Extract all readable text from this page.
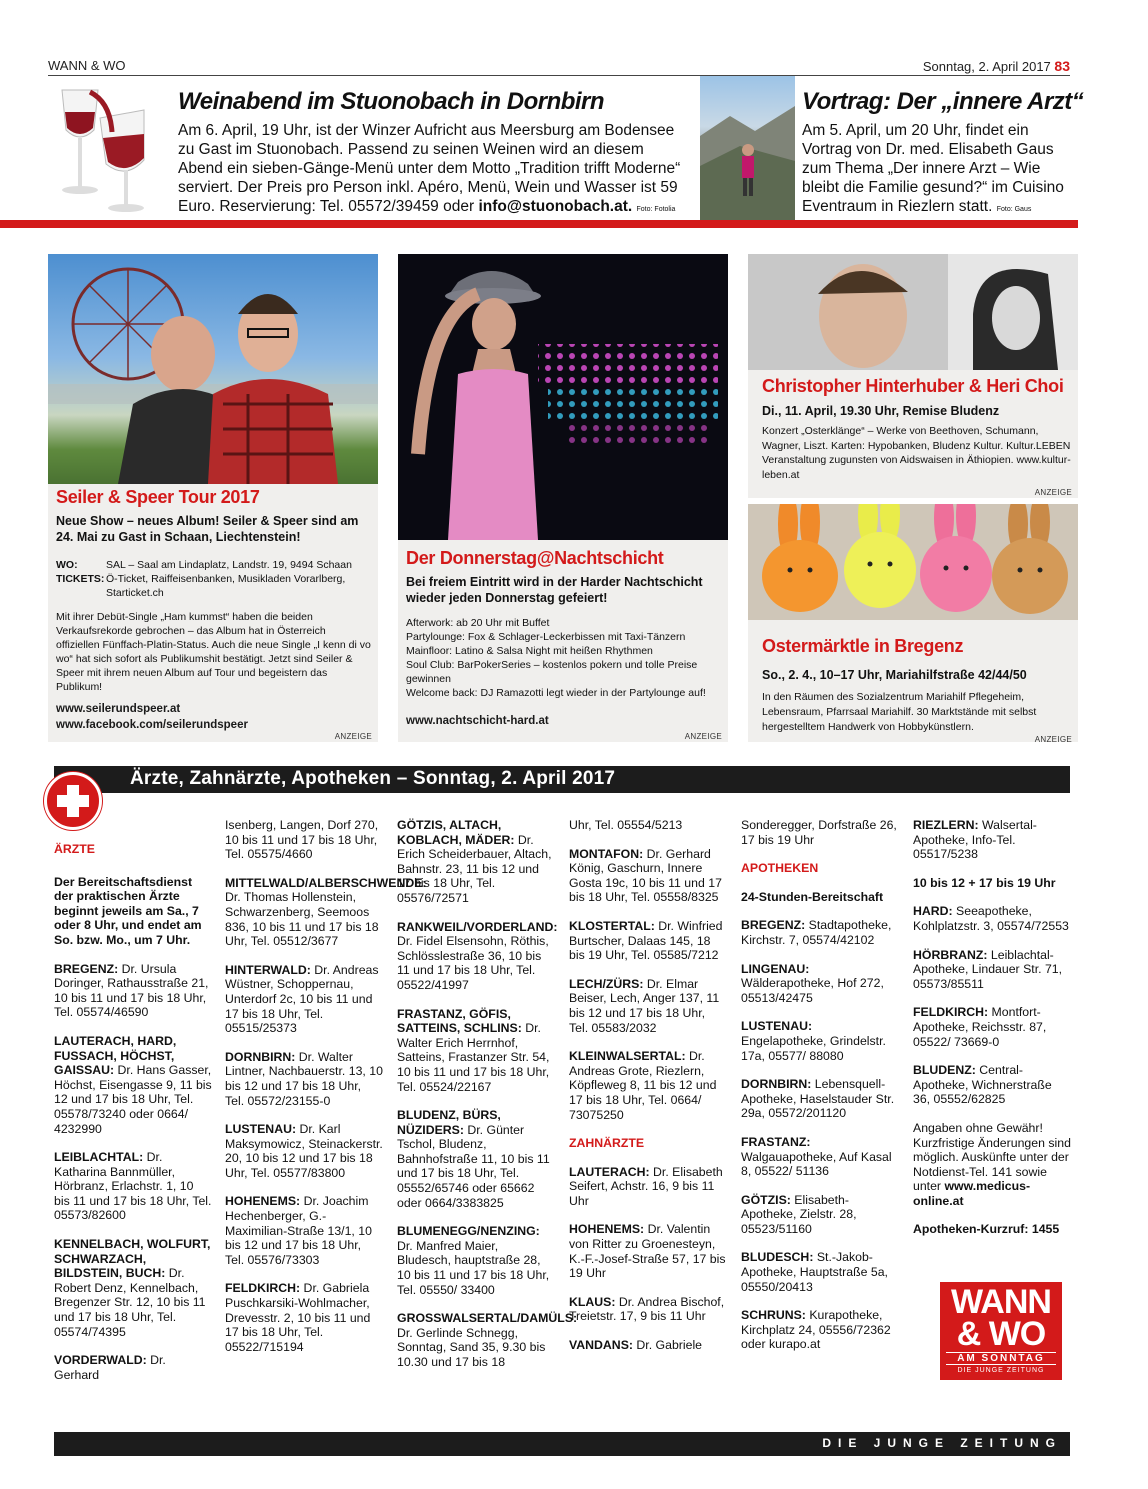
WANN & WO	Sonntag, 2. April 2017 83
Weinabend im Stuonobach in Dornbirn
Am 6. April, 19 Uhr, ist der Winzer Aufricht aus Meersburg am Bodensee zu Gast im Stuonobach. Passend zu seinen Weinen wird an diesem Abend ein sieben-Gänge-Menü unter dem Motto „Tradition trifft Moderne“ serviert. Der Preis pro Person inkl. Apéro, Menü, Wein und Wasser ist 59 Euro. Reservierung: Tel. 05572/39459 oder info@stuonobach.at. Foto: Fotolia
Vortrag: Der „innere Arzt“
Am 5. April, um 20 Uhr, findet ein Vortrag von Dr. med. Elisabeth Gaus zum Thema „Der innere Arzt – Wie bleibt die Familie gesund?“ im Cuisino Eventraum in Riezlern statt. Foto: Gaus
Seiler & Speer Tour 2017
Neue Show – neues Album! Seiler & Speer sind am 24. Mai zu Gast in Schaan, Liechtenstein!
WO:	SAL – Saal am Lindaplatz, Landstr. 19, 9494 Schaan
TICKETS: Ö-Ticket, Raiffeisenbanken, Musikladen Vorarlberg, Starticket.ch
Mit ihrer Debüt-Single „Ham kummst“ haben die beiden Verkaufsrekorde gebrochen – das Album hat in Österreich offiziellen Fünffach-Platin-Status. Auch die neue Single „I kenn di vo wo“ hat sich sofort als Publikumshit bestätigt. Jetzt sind Seiler & Speer mit ihrem neuen Album auf Tour und begeistern das Publikum!
www.seilerundspeer.at
www.facebook.com/seilerundspeer
ANZEIGE
Der Donnerstag@Nachtschicht
Bei freiem Eintritt wird in der Harder Nachtschicht wieder jeden Donnerstag gefeiert!
Afterwork: ab 20 Uhr mit Buffet
Partylounge: Fox & Schlager-Leckerbissen mit Taxi-Tänzern
Mainfloor: Latino & Salsa Night mit heißen Rhythmen
Soul Club: BarPokerSeries – kostenlos pokern und tolle Preise gewinnen
Welcome back: DJ Ramazotti legt wieder in der Partylounge auf!
www.nachtschicht-hard.at
ANZEIGE
Christopher Hinterhuber & Heri Choi
Di., 11. April, 19.30 Uhr, Remise Bludenz
Konzert „Osterklänge“ – Werke von Beethoven, Schumann, Wagner, Liszt. Karten: Hypobanken, Bludenz Kultur. Kultur.LEBEN Veranstaltung zugunsten von Aidswaisen in Äthiopien. www.kultur-leben.at
ANZEIGE
Ostermärktle in Bregenz
So., 2. 4., 10–17 Uhr, Mariahilfstraße 42/44/50
In den Räumen des Sozialzentrum Mariahilf Pflegeheim, Lebensraum, Pfarrsaal Mariahilf. 30 Marktstände mit selbst hergestelltem Handwerk von Hobbykünstlern.
ANZEIGE
Ärzte, Zahnärzte, Apotheken – Sonntag, 2. April 2017

ÄRZTE

Der Bereitschaftsdienst der praktischen Ärzte beginnt jeweils am Sa., 7 oder 8 Uhr, und endet am So. bzw. Mo., um 7 Uhr.

BREGENZ: Dr. Ursula Doringer, Rathausstraße 21, 10 bis 11 und 17 bis 18 Uhr, Tel. 05574/46590

LAUTERACH, HARD, FUSSACH, HÖCHST, GAISSAU: Dr. Hans Gasser, Höchst, Eisengasse 9, 11 bis 12 und 17 bis 18 Uhr, Tel. 05578/73240 oder 0664/ 4232990

LEIBLACHTAL: Dr. Katharina Bannmüller, Hörbranz, Erlachstr. 1, 10 bis 11 und 17 bis 18 Uhr, Tel. 05573/82600

KENNELBACH, WOLFURT, SCHWARZACH, BILDSTEIN, BUCH: Dr. Robert Denz, Kennelbach, Bregenzer Str. 12, 10 bis 11 und 17 bis 18 Uhr, Tel. 05574/74395

VORDERWALD: Dr. Gerhard

Isenberg, Langen, Dorf 270, 10 bis 11 und 17 bis 18 Uhr, Tel. 05575/4660

MITTELWALD/ALBERSCHWENDE: Dr. Thomas Hollenstein, Schwarzenberg, Seemoos 836, 10 bis 11 und 17 bis 18 Uhr, Tel. 05512/3677

HINTERWALD: Dr. Andreas Wüstner, Schoppernau, Unterdorf 2c, 10 bis 11 und 17 bis 18 Uhr, Tel. 05515/25373

DORNBIRN: Dr. Walter Lintner, Nachbauerstr. 13, 10 bis 12 und 17 bis 18 Uhr, Tel. 05572/23155-0

LUSTENAU: Dr. Karl Maksymowicz, Steinackerstr. 20, 10 bis 12 und 17 bis 18 Uhr, Tel. 05577/83800

HOHENEMS: Dr. Joachim Hechenberger, G.-Maximilian-Straße 13/1, 10 bis 12 und 17 bis 18 Uhr, Tel. 05576/73303

FELDKIRCH: Dr. Gabriela Puschkarsiki-Wohlmacher, Drevesstr. 2, 10 bis 11 und 17 bis 18 Uhr, Tel. 05522/715194

GÖTZIS, ALTACH, KOBLACH, MÄDER: Dr. Erich Scheiderbauer, Altach, Bahnstr. 23, 11 bis 12 und 17 bis 18 Uhr, Tel. 05576/72571

RANKWEIL/VORDERLAND: Dr. Fidel Elsensohn, Röthis, Schlösslestraße 36, 10 bis 11 und 17 bis 18 Uhr, Tel. 05522/41997

FRASTANZ, GÖFIS, SATTEINS, SCHLINS: Dr. Walter Erich Herrnhof, Satteins, Frastanzer Str. 54, 10 bis 11 und 17 bis 18 Uhr, Tel. 05524/22167

BLUDENZ, BÜRS, NÜZIDERS: Dr. Günter Tschol, Bludenz, Bahnhofstraße 11, 10 bis 11 und 17 bis 18 Uhr, Tel. 05552/65746 oder 65662 oder 0664/3383825

BLUMENEGG/NENZING: Dr. Manfred Maier, Bludesch, hauptstraße 28, 10 bis 11 und 17 bis 18 Uhr, Tel. 05550/ 33400

GROSSWALSERTAL/DAMÜLS: Dr. Gerlinde Schnegg, Sonntag, Sand 35, 9.30 bis 10.30 und 17 bis 18

Uhr, Tel. 05554/5213

MONTAFON: Dr. Gerhard König, Gaschurn, Innere Gosta 19c, 10 bis 11 und 17 bis 18 Uhr, Tel. 05558/8325

KLOSTERTAL: Dr. Winfried Burtscher, Dalaas 145, 18 bis 19 Uhr, Tel. 05585/7212

LECH/ZÜRS: Dr. Elmar Beiser, Lech, Anger 137, 11 bis 12 und 17 bis 18 Uhr, Tel. 05583/2032

KLEINWALSERTAL: Dr. Andreas Grote, Riezlern, Köpfleweg 8, 11 bis 12 und 17 bis 18 Uhr, Tel. 0664/ 73075250

ZAHNÄRZTE

LAUTERACH: Dr. Elisabeth Seifert, Achstr. 16, 9 bis 11 Uhr

HOHENEMS: Dr. Valentin von Ritter zu Groenesteyn, K.-F.-Josef-Straße 57, 17 bis 19 Uhr

KLAUS: Dr. Andrea Bischof, Treietstr. 17, 9 bis 11 Uhr

VANDANS: Dr. Gabriele

Sonderegger, Dorfstraße 26, 17 bis 19 Uhr

APOTHEKEN

24-Stunden-Bereitschaft

BREGENZ: Stadtapotheke, Kirchstr. 7, 05574/42102

LINGENAU: Wälderapotheke, Hof 272, 05513/42475

LUSTENAU: Engelapotheke, Grindelstr. 17a, 05577/ 88080

DORNBIRN: Lebensquell-Apotheke, Haselstauder Str. 29a, 05572/201120

FRASTANZ: Walgauapotheke, Auf Kasal 8, 05522/ 51136

GÖTZIS: Elisabeth-Apotheke, Zielstr. 28, 05523/51160

BLUDESCH: St.-Jakob-Apotheke, Hauptstraße 5a, 05550/20413

SCHRUNS: Kurapotheke, Kirchplatz 24, 05556/72362 oder kurapo.at

RIEZLERN: Walsertal-Apotheke, Info-Tel. 05517/5238

10 bis 12 + 17 bis 19 Uhr

HARD: Seeapotheke, Kohlplatzstr. 3, 05574/72553

HÖRBRANZ: Leiblachtal-Apotheke, Lindauer Str. 71, 05573/85511

FELDKIRCH: Montfort-Apotheke, Reichsstr. 87, 05522/ 73669-0

BLUDENZ: Central-Apotheke, Wichnerstraße 36, 05552/62825

Angaben ohne Gewähr! Kurzfristige Änderungen sind möglich. Auskünfte unter der Notdienst-Tel. 141 sowie unter www.medicus-online.at

Apotheken-Kurzruf: 1455

WANN
& WO
AM SONNTAG
DIE JUNGE ZEITUNG
DIE JUNGE ZEITUNG
